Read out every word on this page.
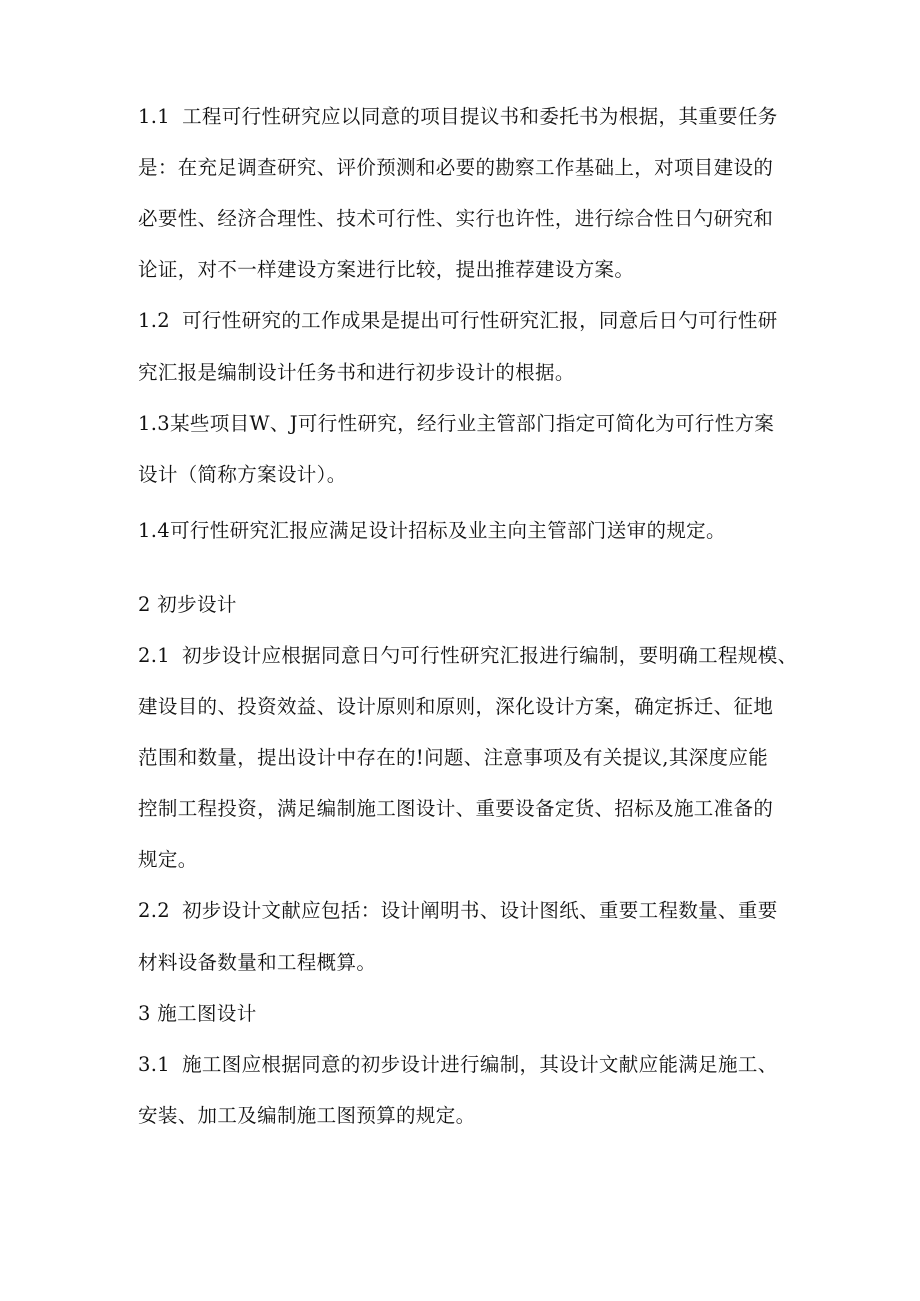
1.1 工程可行性研究应以同意的项目提议书和委托书为根据，其重要任务
是：在充足调查研究、评价预测和必要的勘察工作基础上，对项目建设的
必要性、经济合理性、技术可行性、实行也许性，进行综合性日勺研究和
论证，对不一样建设方案进行比较，提出推荐建设方案。
1.2 可行性研究的工作成果是提出可行性研究汇报，同意后日勺可行性研
究汇报是编制设计任务书和进行初步设计的根据。
1.3某些项目W、J可行性研究，经行业主管部门指定可简化为可行性方案
设计（简称方案设计）。
1.4可行性研究汇报应满足设计招标及业主向主管部门送审的规定。
2 初步设计
2.1 初步设计应根据同意日勺可行性研究汇报进行编制，要明确工程规模、
建设目的、投资效益、设计原则和原则，深化设计方案，确定拆迁、征地
范围和数量，提出设计中存在的!问题、注意事项及有关提议,其深度应能
控制工程投资，满足编制施工图设计、重要设备定货、招标及施工准备的
规定。
2.2 初步设计文献应包括：设计阐明书、设计图纸、重要工程数量、重要
材料设备数量和工程概算。
3 施工图设计
3.1 施工图应根据同意的初步设计进行编制，其设计文献应能满足施工、
安装、加工及编制施工图预算的规定。
